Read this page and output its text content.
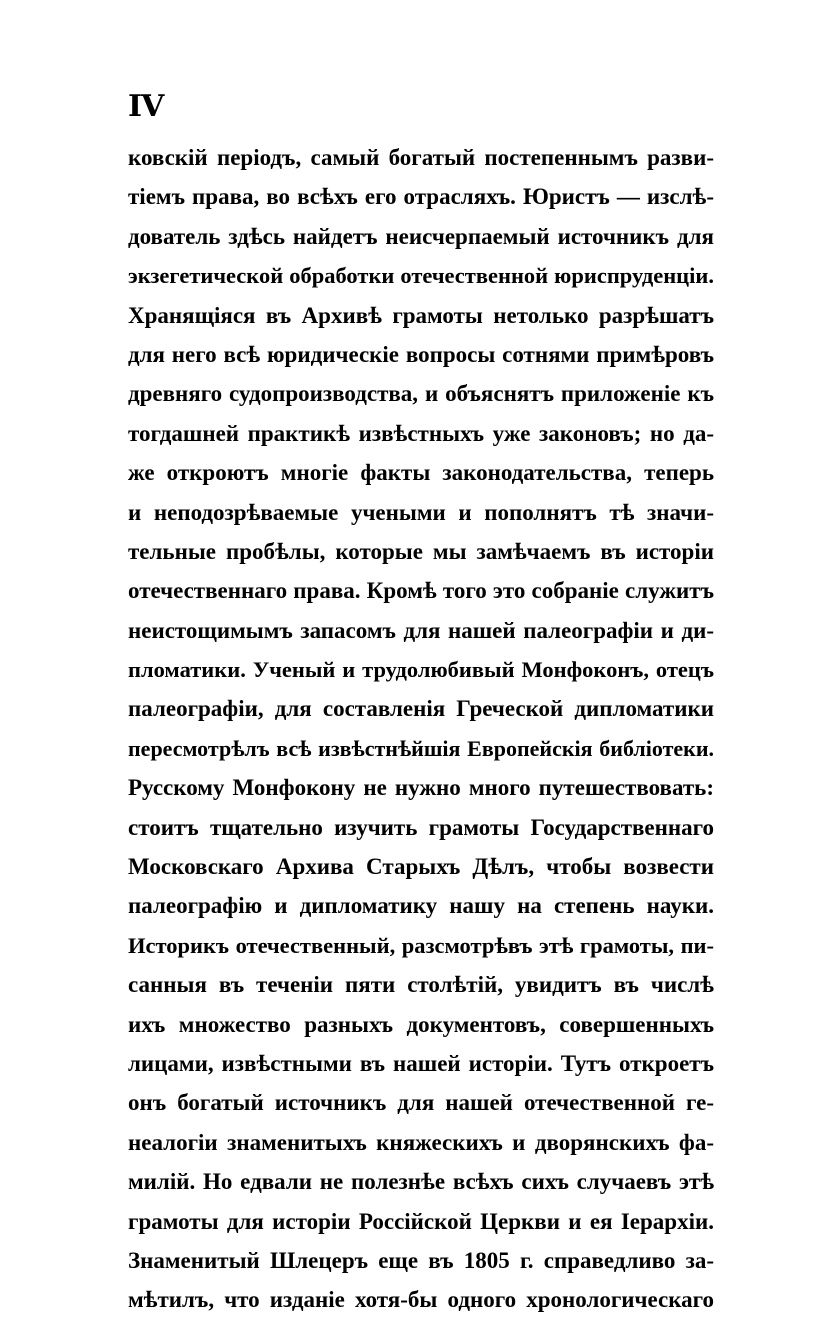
IV
ковскій періодъ, самый богатый постепеннымъ разви-
тіемъ права, во всѣхъ его отрасляхъ. Юристъ — изслѣ-
дователь здѣсь найдетъ неисчерпаемый источникъ для
экзегетической обработки отечественной юриспруденціи.
Хранящіяся въ Архивѣ грамоты нетолько разрѣшатъ
для него всѣ юридическіе вопросы сотнями примѣровъ
древняго судопроизводства, и объяснятъ приложеніе къ
тогдашней практикѣ извѣстныхъ уже законовъ; но да-
же откроютъ многіе факты законодательства, теперь
и неподозрѣваемые учеными и пополнятъ тѣ значи-
тельные пробѣлы, которые мы замѣчаемъ въ исторіи
отечественнаго права. Кромѣ того это собраніе служитъ
неистощимымъ запасомъ для нашей палеографіи и ди-
пломатики. Ученый и трудолюбивый Монфоконъ, отецъ
палеографіи, для составленія Греческой дипломатики
пересмотрѣлъ всѣ извѣстнѣйшія Европейскія библіотеки.
Русскому Монфокону не нужно много путешествовать:
стоитъ тщательно изучить грамоты Государственнаго
Московскаго Архива Старыхъ Дѣлъ, чтобы возвести
палеографію и дипломатику нашу на степень науки.
Историкъ отечественный, разсмотрѣвъ этѣ грамоты, пи-
санныя въ теченіи пяти столѣтій, увидитъ въ числѣ
ихъ множество разныхъ документовъ, совершенныхъ
лицами, извѣстными въ нашей исторіи. Тутъ откроетъ
онъ богатый источникъ для нашей отечественной ге-
неалогіи знаменитыхъ княжескихъ и дворянскихъ фа-
милій. Но едвали не полезнѣе всѣхъ сихъ случаевъ этѣ
грамоты для исторіи Россійской Церкви и ея Іерархіи.
Знаменитый Шлецеръ еще въ 1805 г. справедливо за-
мѣтилъ, что изданіе хотя-бы одного хронологическаго
